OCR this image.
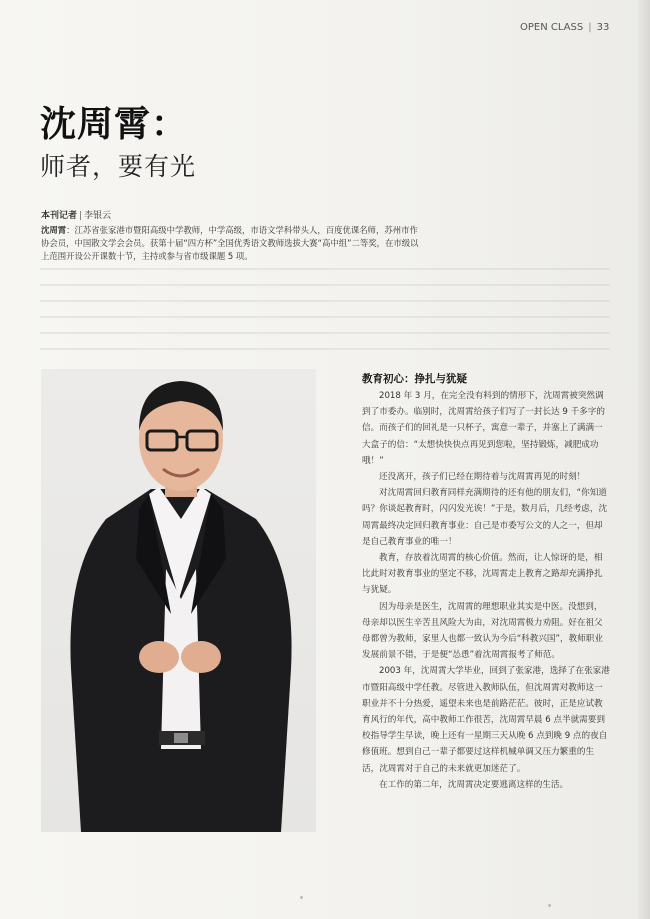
OPEN CLASS | 33
沈周霄：
师者，要有光
本刊记者 | 李银云
沈周霄：江苏省张家港市暨阳高级中学教师，中学高级，市语文学科带头人，百度优课名师，苏州市作协会员，中国散文学会会员。获第十届“四方杯”全国优秀语文教师选拔大赛“高中组”二等奖，在市级以上范围开设公开课数十节，主持或参与省市级课题 5 项。
教育初心：挣扎与犹疑

2018 年 3 月，在完全没有料到的情形下，沈周霄被突然调到了市委办。临别时，沈周霄给孩子们写了一封长达 9 千多字的信。而孩子们的回礼是一只杯子，寓意一辈子，并塞上了满满一大盒子的信：“太想快快快点再见到您啦，坚持锻炼，减肥成功哦！”

还没离开，孩子们已经在期待着与沈周霄再见的时刻！

对沈周霄回归教育同样充满期待的还有他的朋友们，“你知道吗？你谈起教育时，闪闪发光诶！”于是，数月后，几经考虑，沈周霄最终决定回归教育事业：自己是市委写公文的人之一，但却是自己教育事业的唯一！

教育，存放着沈周霄的核心价值。然而，让人惊讶的是，相比此时对教育事业的坚定不移，沈周霄走上教育之路却充满挣扎与犹疑。

因为母亲是医生，沈周霄的理想职业其实是中医。没想到，母亲却以医生辛苦且风险大为由，对沈周霄极力劝阻。好在祖父母都曾为教师，家里人也都一致认为今后“科教兴国”，教师职业发展前景不错，于是便“怂恿”着沈周霄报考了师范。

2003 年，沈周霄大学毕业，回到了张家港，选择了在张家港市暨阳高级中学任教。尽管进入教师队伍，但沈周霄对教师这一职业并不十分热爱，遥望未来也是前路茫茫。彼时，正是应试教育风行的年代，高中教师工作很苦，沈周霄早晨 6 点半就需要到校指导学生早读，晚上还有一星期三天从晚 6 点到晚 9 点的夜自修值班。想到自己一辈子都要过这样机械单调又压力繁重的生活，沈周霄对于自己的未来就更加迷茫了。

在工作的第二年，沈周霄决定要逃离这样的生活。
